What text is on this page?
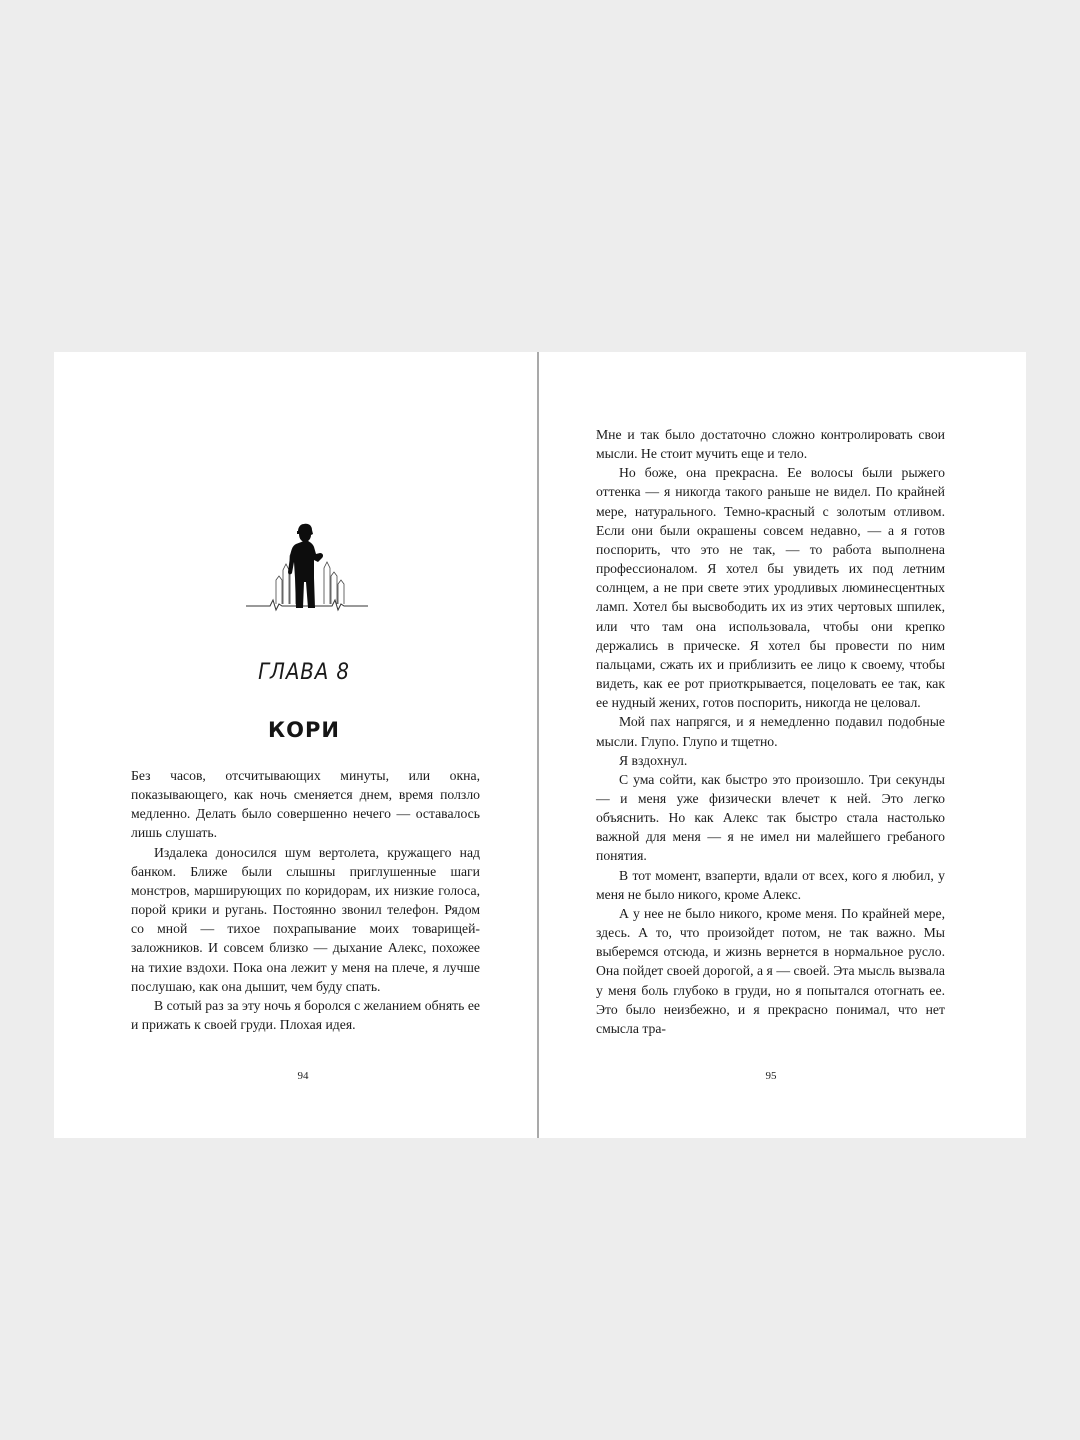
ГЛАВА 8
КОРИ

Без часов, отсчитывающих минуты, или окна, показывающего, как ночь сменяется днем, время ползло медленно. Делать было совершенно нечего — оставалось лишь слушать.

Издалека доносился шум вертолета, кружащего над банком. Ближе были слышны приглушенные шаги монстров, марширующих по коридорам, их низкие голоса, порой крики и ругань. Постоянно звонил телефон. Рядом со мной — тихое похрапывание моих товарищей-заложников. И совсем близко — дыхание Алекс, похожее на тихие вздохи. Пока она лежит у меня на плече, я лучше послушаю, как она дышит, чем буду спать.

В сотый раз за эту ночь я боролся с желанием обнять ее и прижать к своей груди. Плохая идея.

94

Мне и так было достаточно сложно контролировать свои мысли. Не стоит мучить еще и тело.

Но боже, она прекрасна. Ее волосы были рыжего оттенка — я никогда такого раньше не видел. По крайней мере, натурального. Темно-красный с золотым отливом. Если они были окрашены совсем недавно, — а я готов поспорить, что это не так, — то работа выполнена профессионалом. Я хотел бы увидеть их под летним солнцем, а не при свете этих уродливых люминесцентных ламп. Хотел бы высвободить их из этих чертовых шпилек, или что там она использовала, чтобы они крепко держались в прическе. Я хотел бы провести по ним пальцами, сжать их и приблизить ее лицо к своему, чтобы видеть, как ее рот приоткрывается, поцеловать ее так, как ее нудный жених, готов поспорить, никогда не целовал.

Мой пах напрягся, и я немедленно подавил подобные мысли. Глупо. Глупо и тщетно.

Я вздохнул.

С ума сойти, как быстро это произошло. Три секунды — и меня уже физически влечет к ней. Это легко объяснить. Но как Алекс так быстро стала настолько важной для меня — я не имел ни малейшего гребаного понятия.

В тот момент, взаперти, вдали от всех, кого я любил, у меня не было никого, кроме Алекс.

А у нее не было никого, кроме меня. По крайней мере, здесь. А то, что произойдет потом, не так важно. Мы выберемся отсюда, и жизнь вернется в нормальное русло. Она пойдет своей дорогой, а я — своей. Эта мысль вызвала у меня боль глубоко в груди, но я попытался отогнать ее. Это было неизбежно, и я прекрасно понимал, что нет смысла тра-

95
